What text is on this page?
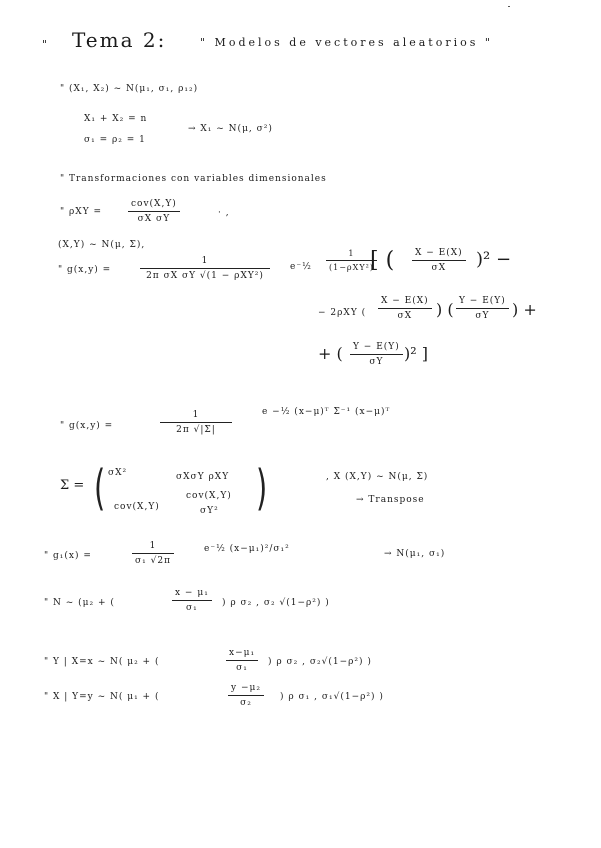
" Tema 2:	" Modelos de vectores aleatorios "
" (X₁, X₂) ~ N(μ₁, σ₁, ρ₁₂)
X₁ + X₂ = n
σ₁ = ρ₂ = 1
→ X₁ ~ N(μ, σ²)
" Transformaciones con variables dimensionales
" ρXY =
cov(X,Y)
σX σY
· ,
(X,Y) ~ N(μ, Σ),
" g(x,y) =
1
2π σX σY √(1 − ρXY²)
e⁻½
1
(1−ρXY²)
[ (	X − E(X)
σX )² −
− 2ρXY (
X − E(X)
σX ) ( Y − E(Y)
σY ) +
+ (	Y − E(Y)
σY )² ]
" g(x,y) =
1
2π √|Σ|
e −½ (x−μ)ᵀ Σ⁻¹ (x−μ)ᵀ
Σ = ( σX²	σXσY ρXY
cov(X,Y)
cov(X,Y)	σY² )	, X (X,Y) ~ N(μ, Σ)
→ Transpose
" g₁(x) =
1
σ₁ √2π
e⁻½ (x−μ₁)²/σ₁²	→ N(μ₁, σ₁)
" N ~ (μ₂ + (
x − μ₁
σ₁	) ρ σ₂ , σ₂ √(1−ρ²) )
" Y | X=x ~ N( μ₂ + (
x−μ₁
σ₁
) ρ σ₂ , σ₂√(1−ρ²) )
" X | Y=y ~ N( μ₁ + (
y −μ₂
σ₂
) ρ σ₁ , σ₁√(1−ρ²) )
